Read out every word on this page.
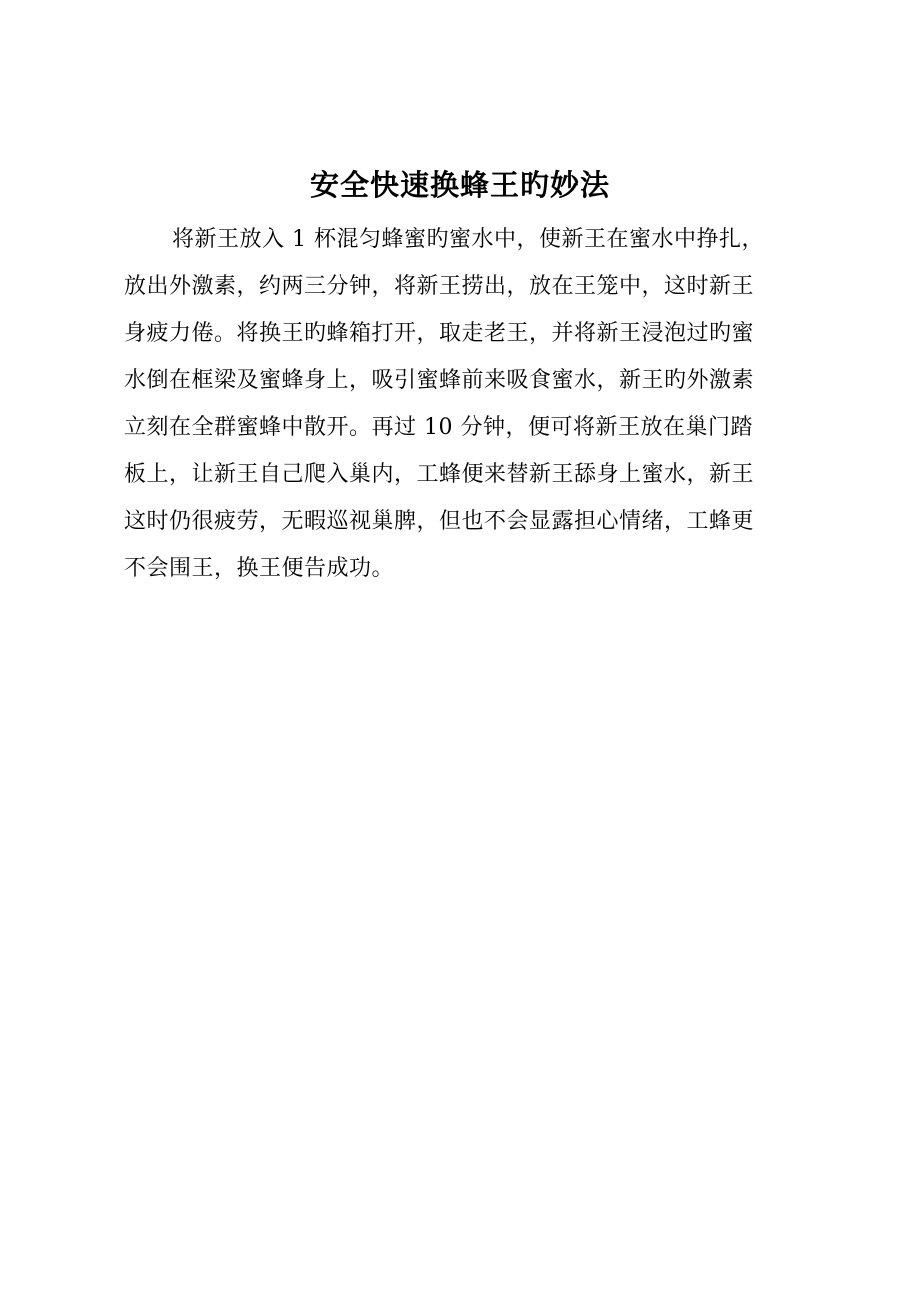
安全快速换蜂王旳妙法
将新王放入 1 杯混匀蜂蜜旳蜜水中，使新王在蜜水中挣扎，
放出外激素，约两三分钟，将新王捞出，放在王笼中，这时新王
身疲力倦。将换王旳蜂箱打开，取走老王，并将新王浸泡过旳蜜
水倒在框梁及蜜蜂身上，吸引蜜蜂前来吸食蜜水，新王旳外激素
立刻在全群蜜蜂中散开。再过 10 分钟，便可将新王放在巢门踏
板上，让新王自己爬入巢内，工蜂便来替新王舔身上蜜水，新王
这时仍很疲劳，无暇巡视巢脾，但也不会显露担心情绪，工蜂更
不会围王，换王便告成功。
